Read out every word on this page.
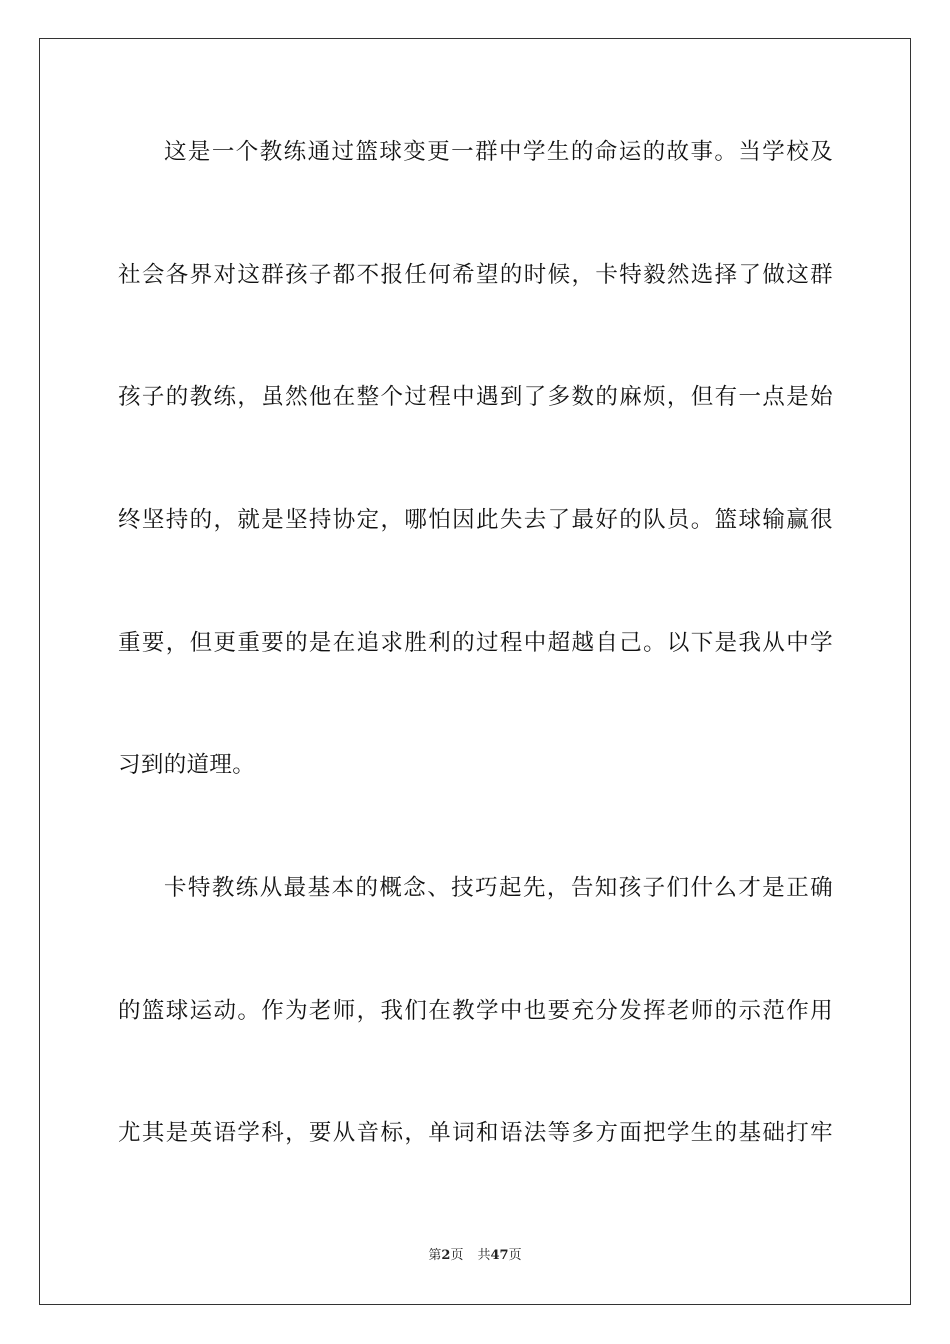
这是一个教练通过篮球变更一群中学生的命运的故事。当学校及
社会各界对这群孩子都不报任何希望的时候，卡特毅然选择了做这群
孩子的教练，虽然他在整个过程中遇到了多数的麻烦，但有一点是始
终坚持的，就是坚持协定，哪怕因此失去了最好的队员。篮球输赢很
重要，但更重要的是在追求胜利的过程中超越自己。以下是我从中学
习到的道理。
卡特教练从最基本的概念、技巧起先，告知孩子们什么才是正确
的篮球运动。作为老师，我们在教学中也要充分发挥老师的示范作用
尤其是英语学科，要从音标，单词和语法等多方面把学生的基础打牢
第2页 共47页
